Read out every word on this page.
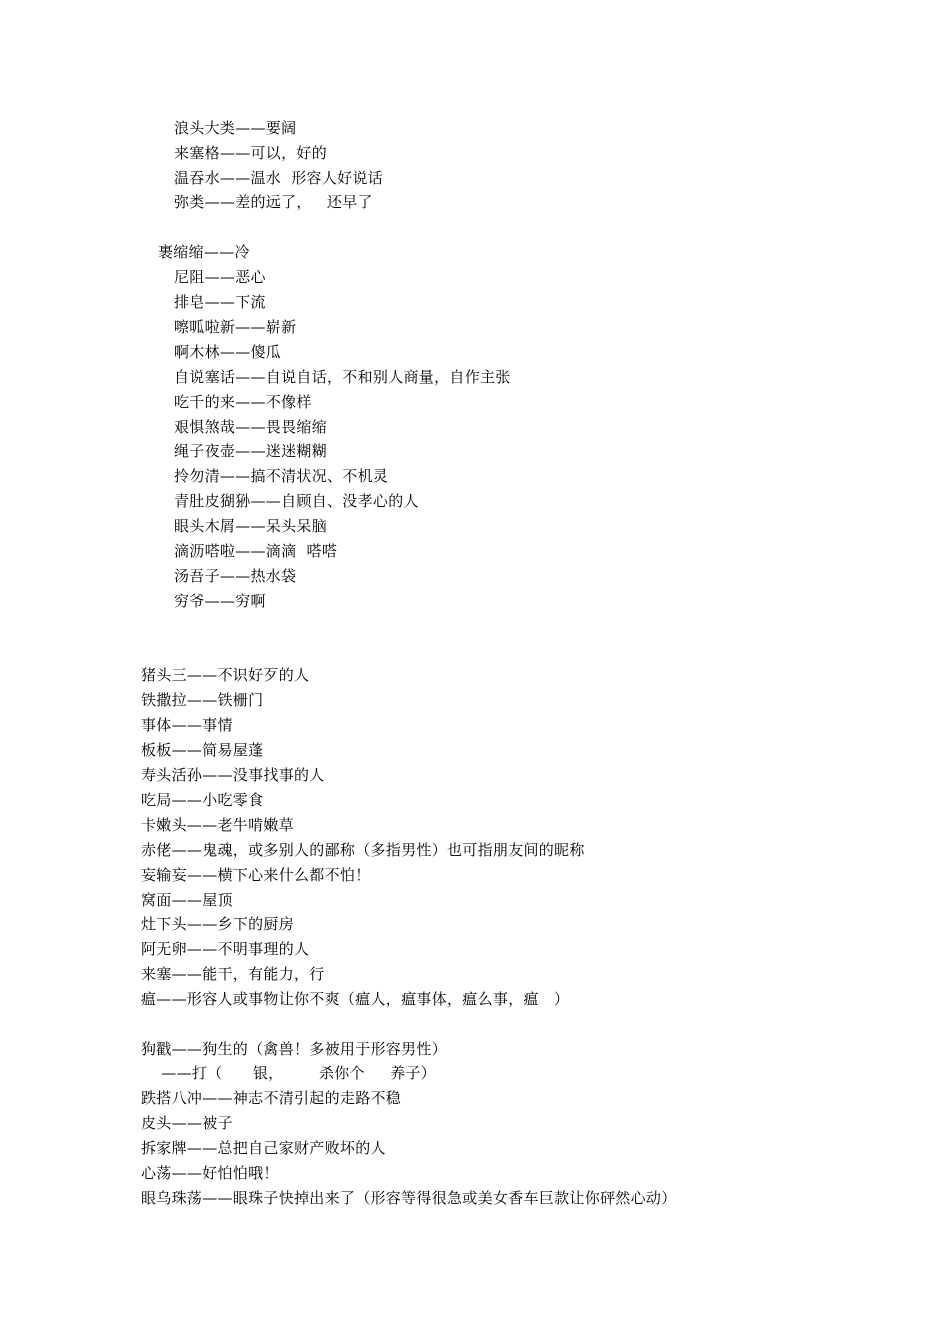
浪头大类——要阔
来塞格——可以，好的
温吞水——温水  形容人好说话
弥类——差的远了，   还早了
裹缩缩——冷
尼阻——恶心
排皂——下流
嚓呱啦新——崭新
啊木林——傻瓜
自说塞话——自说自话，不和别人商量，自作主张
吃千的来——不像样
艰惧煞哉——畏畏缩缩
绳子夜壶——迷迷糊糊
拎勿清——搞不清状况、不机灵
青肚皮猢狲——自顾自、没孝心的人
眼头木屑——呆头呆脑
滴沥嗒啦——滴滴  嗒嗒
汤吾子——热水袋
穷爷——穷啊
猪头三——不识好歹的人
铁撒拉——铁栅门
事体——事情
板板——简易屋蓬
寿头活孙——没事找事的人
吃局——小吃零食
卡嫩头——老牛啃嫩草
赤佬——鬼魂，或多别人的鄙称（多指男性）也可指朋友间的昵称
妄输妄——横下心来什么都不怕！
窝面——屋顶
灶下头——乡下的厨房
阿无卵——不明事理的人
来塞——能干，有能力，行
瘟——形容人或事物让你不爽（瘟人，瘟事体，瘟么事，瘟   ）
狗戳——狗生的（禽兽！多被用于形容男性）
——打（      银，       杀你个     养子）
跌搭八冲——神志不清引起的走路不稳
皮头——被子
拆家牌——总把自己家财产败坏的人
心荡——好怕怕哦！
眼乌珠荡——眼珠子快掉出来了（形容等得很急或美女香车巨款让你砰然心动）
